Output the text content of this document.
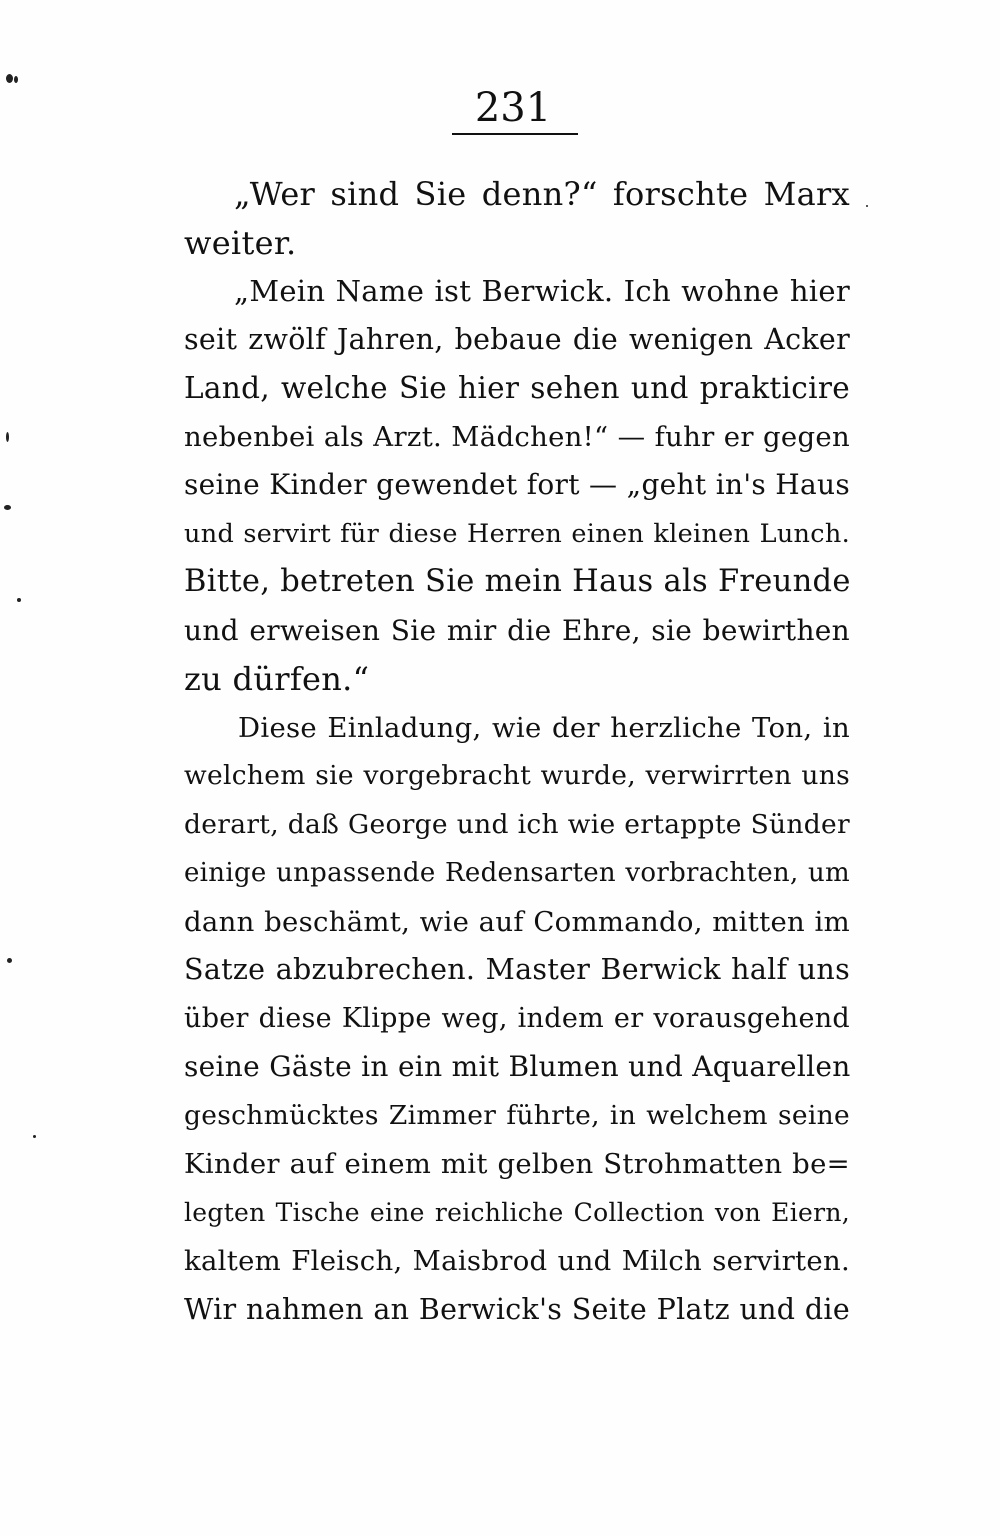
231
„Wer sind Sie denn?“ forschte Marx
weiter.
„Mein Name ist Berwick. Ich wohne hier
seit zwölf Jahren, bebaue die wenigen Acker
Land, welche Sie hier sehen und prakticire
nebenbei als Arzt. Mädchen!“ — fuhr er gegen
seine Kinder gewendet fort — „geht in's Haus
und servirt für diese Herren einen kleinen Lunch.
Bitte, betreten Sie mein Haus als Freunde
und erweisen Sie mir die Ehre, sie bewirthen
zu dürfen.“
Diese Einladung, wie der herzliche Ton, in
welchem sie vorgebracht wurde, verwirrten uns
derart, daß George und ich wie ertappte Sünder
einige unpassende Redensarten vorbrachten, um
dann beschämt, wie auf Commando, mitten im
Satze abzubrechen. Master Berwick half uns
über diese Klippe weg, indem er vorausgehend
seine Gäste in ein mit Blumen und Aquarellen
geschmücktes Zimmer führte, in welchem seine
Kinder auf einem mit gelben Strohmatten be=
legten Tische eine reichliche Collection von Eiern,
kaltem Fleisch, Maisbrod und Milch servirten.
Wir nahmen an Berwick's Seite Platz und die
